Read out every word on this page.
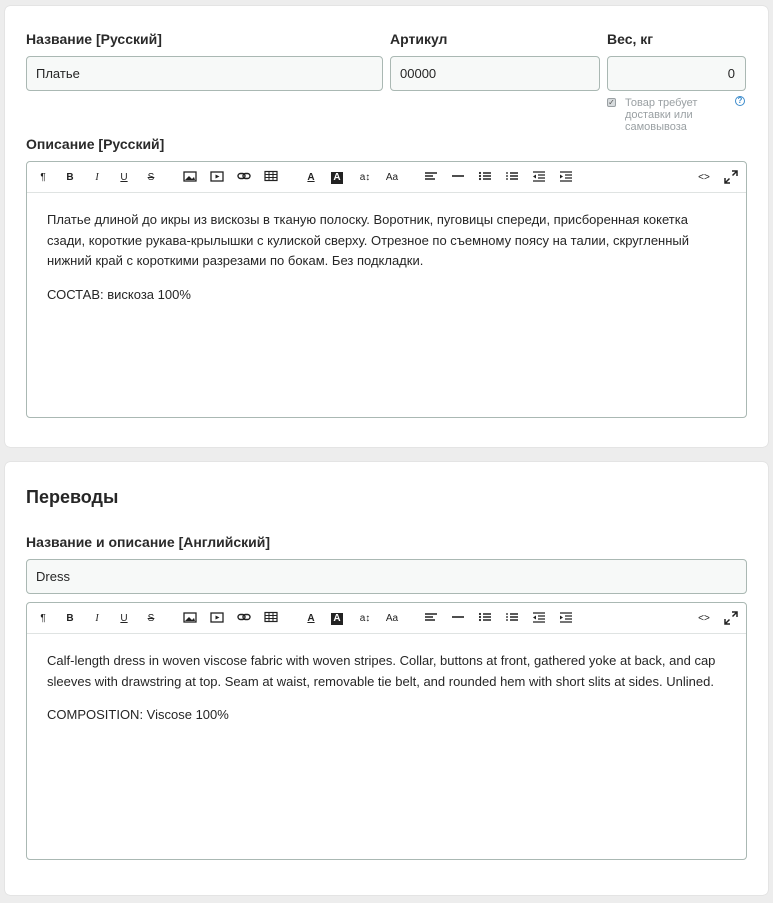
Название [Русский]
Платье
Артикул
00000
Вес, кг
0
✓ Товар требует доставки или самовывоза
?
Описание [Русский]
¶	B	I	U	S	A	A	a↕	Aa	<>

Платье длиной до икры из вискозы в тканую полоску. Воротник, пуговицы спереди, присборенная кокетка сзади, короткие рукава-крылышки с кулиской сверху. Отрезное по съемному поясу на талии, скругленный нижний край с короткими разрезами по бокам. Без подкладки.

СОСТАВ: вискоза 100%

Переводы
Название и описание [Английский]
Dress
¶	B	I	U	S	A	A	a↕	Aa	<>

Calf-length dress in woven viscose fabric with woven stripes. Collar, buttons at front, gathered yoke at back, and cap sleeves with drawstring at top. Seam at waist, removable tie belt, and rounded hem with short slits at sides. Unlined.

COMPOSITION: Viscose 100%
